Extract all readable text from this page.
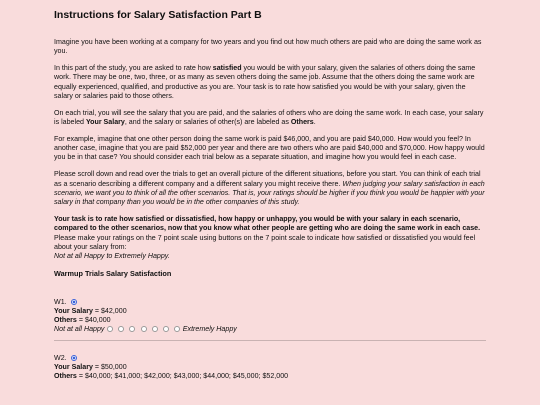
Instructions for Salary Satisfaction Part B

Imagine you have been working at a company for two years and you find out how much others are paid who are doing the same work as you.

In this part of the study, you are asked to rate how satisfied you would be with your salary, given the salaries of others doing the same work. There may be one, two, three, or as many as seven others doing the same job. Assume that the others doing the same work are equally experienced, qualified, and productive as you are. Your task is to rate how satisfied you would be with your salary, given the salary or salaries paid to those others.

On each trial, you will see the salary that you are paid, and the salaries of others who are doing the same work. In each case, your salary is labeled Your Salary, and the salary or salaries of other(s) are labeled as Others.

For example, imagine that one other person doing the same work is paid $46,000, and you are paid $40,000. How would you feel? In another case, imagine that you are paid $52,000 per year and there are two others who are paid $40,000 and $70,000. How happy would you be in that case? You should consider each trial below as a separate situation, and imagine how you would feel in each case.

Please scroll down and read over the trials to get an overall picture of the different situations, before you start. You can think of each trial as a scenario describing a different company and a different salary you might receive there. When judging your salary satisfaction in each scenario, we want you to think of all the other scenarios. That is, your ratings should be higher if you think you would be happier with your salary in that company than you would be in the other companies of this study.

Your task is to rate how satisfied or dissatisfied, how happy or unhappy, you would be with your salary in each scenario, compared to the other scenarios, now that you know what other people are getting who are doing the same work in each case. Please make your ratings on the 7 point scale using buttons on the 7 point scale to indicate how satisfied or dissatisfied you would feel about your salary from:
Not at all Happy to Extremely Happy.

Warmup Trials Salary Satisfaction
W1.
Your Salary = $42,000
Others = $40,000
Not at all Happy	Extremely Happy
W2.
Your Salary = $50,000
Others = $40,000; $41,000; $42,000; $43,000; $44,000; $45,000; $52,000
